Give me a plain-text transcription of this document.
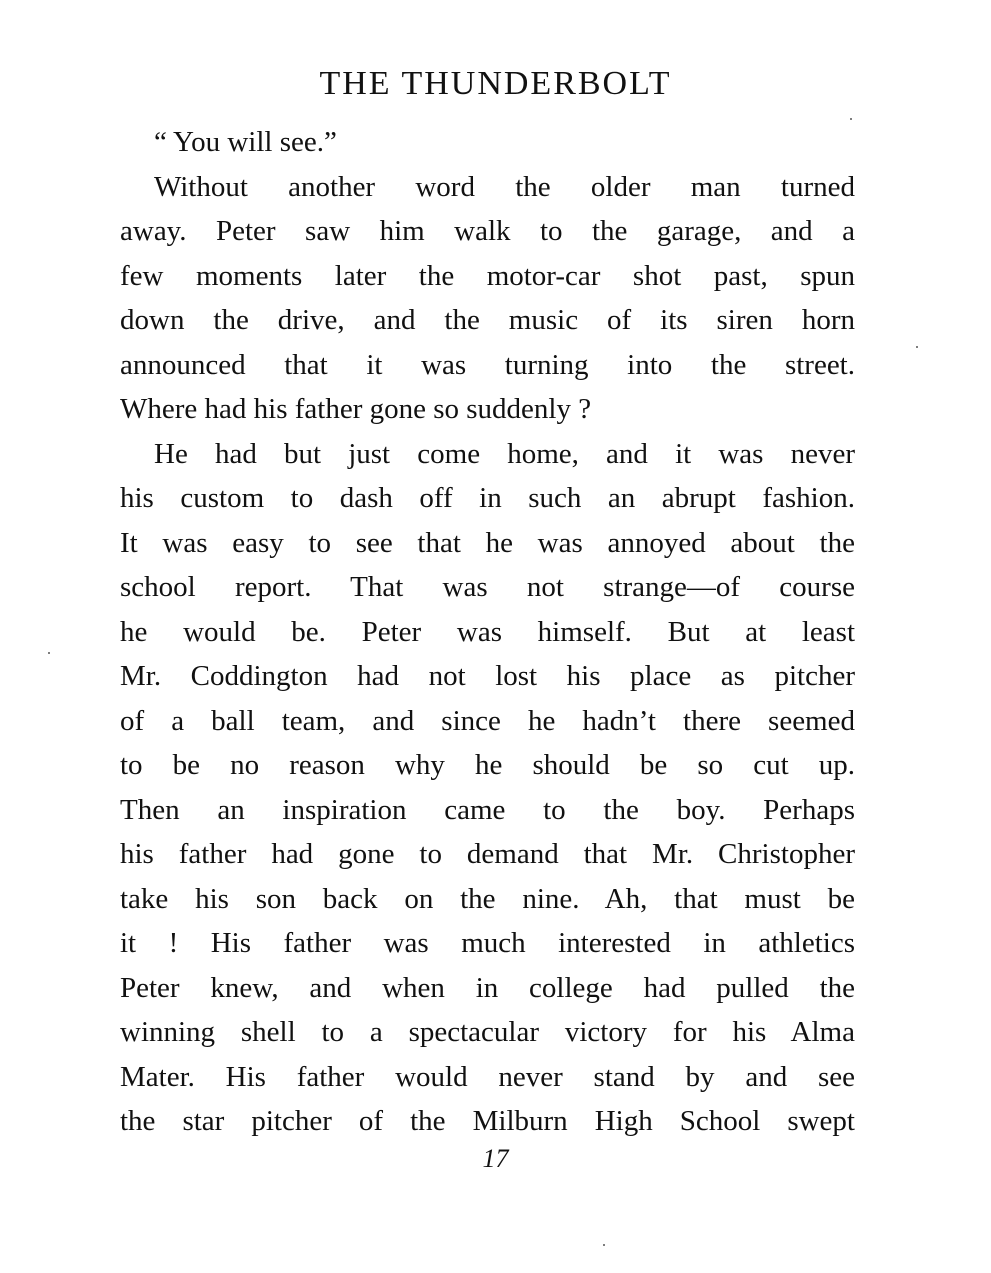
THE THUNDERBOLT
“ You will see.”
Without another word the older man turned
away. Peter saw him walk to the garage, and a
few moments later the motor-car shot past, spun
down the drive, and the music of its siren horn
announced that it was turning into the street.
Where had his father gone so suddenly ?
He had but just come home, and it was never
his custom to dash off in such an abrupt fashion.
It was easy to see that he was annoyed about the
school report. That was not strange—of course
he would be. Peter was himself. But at least
Mr. Coddington had not lost his place as pitcher
of a ball team, and since he hadn’t there seemed
to be no reason why he should be so cut up.
Then an inspiration came to the boy. Perhaps
his father had gone to demand that Mr. Christopher
take his son back on the nine. Ah, that must be
it ! His father was much interested in athletics
Peter knew, and when in college had pulled the
winning shell to a spectacular victory for his Alma
Mater. His father would never stand by and see
the star pitcher of the Milburn High School swept
17
